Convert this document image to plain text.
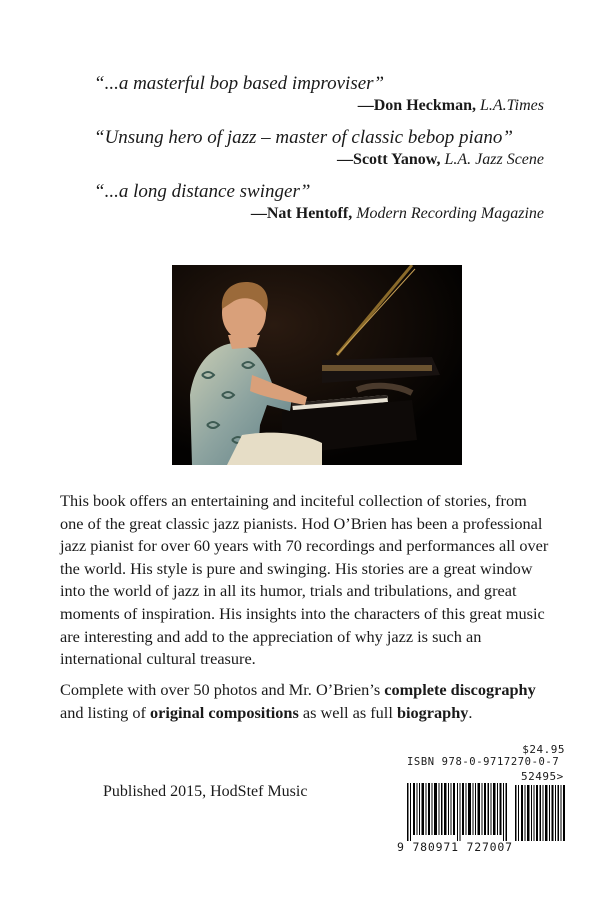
“...a masterful bop based improviser”
—Don Heckman, L.A.Times
“Unsung hero of jazz – master of classic bebop piano”
—Scott Yanow, L.A. Jazz Scene
“...a long distance swinger”
—Nat Hentoff, Modern Recording Magazine

This book offers an entertaining and inciteful collection of stories, from one of the great classic jazz pianists. Hod O’Brien has been a professional jazz pianist for over 60 years with 70 recordings and performances all over the world. His style is pure and swinging. His stories are a great window into the world of jazz in all its humor, trials and tribulations, and great moments of inspiration. His insights into the characters of this great music are interesting and add to the appreciation of why jazz is such an international cultural treasure.

Complete with over 50 photos and Mr. O’Brien’s complete discography and listing of original compositions as well as full biography.

Published 2015, HodStef Music
$24.95
ISBN 978-0-9717270-0-7
52495>
9 780971 727007
